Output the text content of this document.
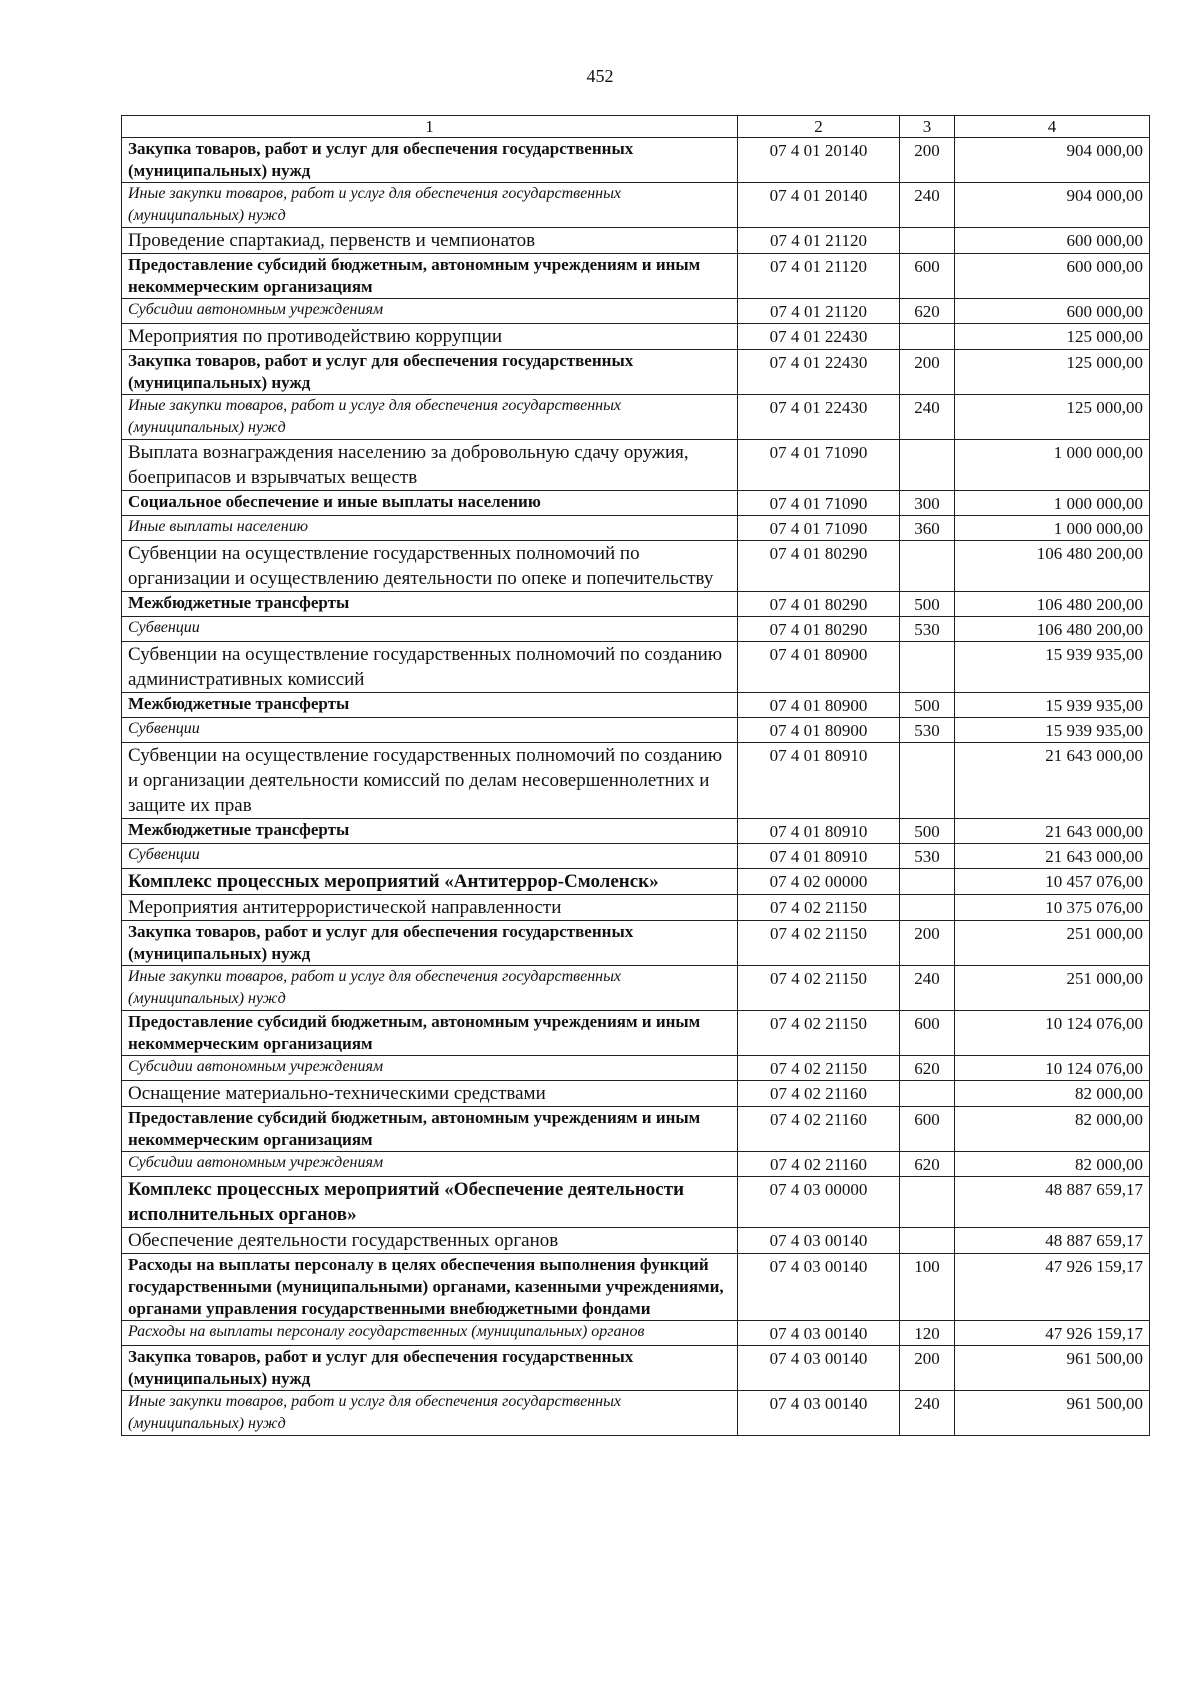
452
1	2	3	4
Закупка товаров, работ и услуг для обеспечения государственных (муниципальных) нужд	07 4 01 20140	200	904 000,00
Иные закупки товаров, работ и услуг для обеспечения государственных (муниципальных) нужд	07 4 01 20140	240	904 000,00
Проведение спартакиад, первенств и чемпионатов	07 4 01 21120		600 000,00
Предоставление субсидий бюджетным, автономным учреждениям и иным некоммерческим организациям	07 4 01 21120	600	600 000,00
Субсидии автономным учреждениям	07 4 01 21120	620	600 000,00
Мероприятия по противодействию коррупции	07 4 01 22430		125 000,00
Закупка товаров, работ и услуг для обеспечения государственных (муниципальных) нужд	07 4 01 22430	200	125 000,00
Иные закупки товаров, работ и услуг для обеспечения государственных (муниципальных) нужд	07 4 01 22430	240	125 000,00
Выплата вознаграждения населению за добровольную сдачу оружия, боеприпасов и взрывчатых веществ	07 4 01 71090		1 000 000,00
Социальное обеспечение и иные выплаты населению	07 4 01 71090	300	1 000 000,00
Иные выплаты населению	07 4 01 71090	360	1 000 000,00
Субвенции на осуществление государственных полномочий по организации и осуществлению деятельности по опеке и попечительству	07 4 01 80290		106 480 200,00
Межбюджетные трансферты	07 4 01 80290	500	106 480 200,00
Субвенции	07 4 01 80290	530	106 480 200,00
Субвенции на осуществление государственных полномочий по созданию административных комиссий	07 4 01 80900		15 939 935,00
Межбюджетные трансферты	07 4 01 80900	500	15 939 935,00
Субвенции	07 4 01 80900	530	15 939 935,00
Субвенции на осуществление государственных полномочий по созданию и организации деятельности комиссий по делам несовершеннолетних и защите их прав	07 4 01 80910		21 643 000,00
Межбюджетные трансферты	07 4 01 80910	500	21 643 000,00
Субвенции	07 4 01 80910	530	21 643 000,00
Комплекс процессных мероприятий «Антитеррор-Смоленск»	07 4 02 00000		10 457 076,00
Мероприятия антитеррористической направленности	07 4 02 21150		10 375 076,00
Закупка товаров, работ и услуг для обеспечения государственных (муниципальных) нужд	07 4 02 21150	200	251 000,00
Иные закупки товаров, работ и услуг для обеспечения государственных (муниципальных) нужд	07 4 02 21150	240	251 000,00
Предоставление субсидий бюджетным, автономным учреждениям и иным некоммерческим организациям	07 4 02 21150	600	10 124 076,00
Субсидии автономным учреждениям	07 4 02 21150	620	10 124 076,00
Оснащение материально-техническими средствами	07 4 02 21160		82 000,00
Предоставление субсидий бюджетным, автономным учреждениям и иным некоммерческим организациям	07 4 02 21160	600	82 000,00
Субсидии автономным учреждениям	07 4 02 21160	620	82 000,00
Комплекс процессных мероприятий «Обеспечение деятельности исполнительных органов»	07 4 03 00000		48 887 659,17
Обеспечение деятельности государственных органов	07 4 03 00140		48 887 659,17
Расходы на выплаты персоналу в целях обеспечения выполнения функций государственными (муниципальными) органами, казенными учреждениями, органами управления государственными внебюджетными фондами	07 4 03 00140	100	47 926 159,17
Расходы на выплаты персоналу государственных (муниципальных) органов	07 4 03 00140	120	47 926 159,17
Закупка товаров, работ и услуг для обеспечения государственных (муниципальных) нужд	07 4 03 00140	200	961 500,00
Иные закупки товаров, работ и услуг для обеспечения государственных (муниципальных) нужд	07 4 03 00140	240	961 500,00
